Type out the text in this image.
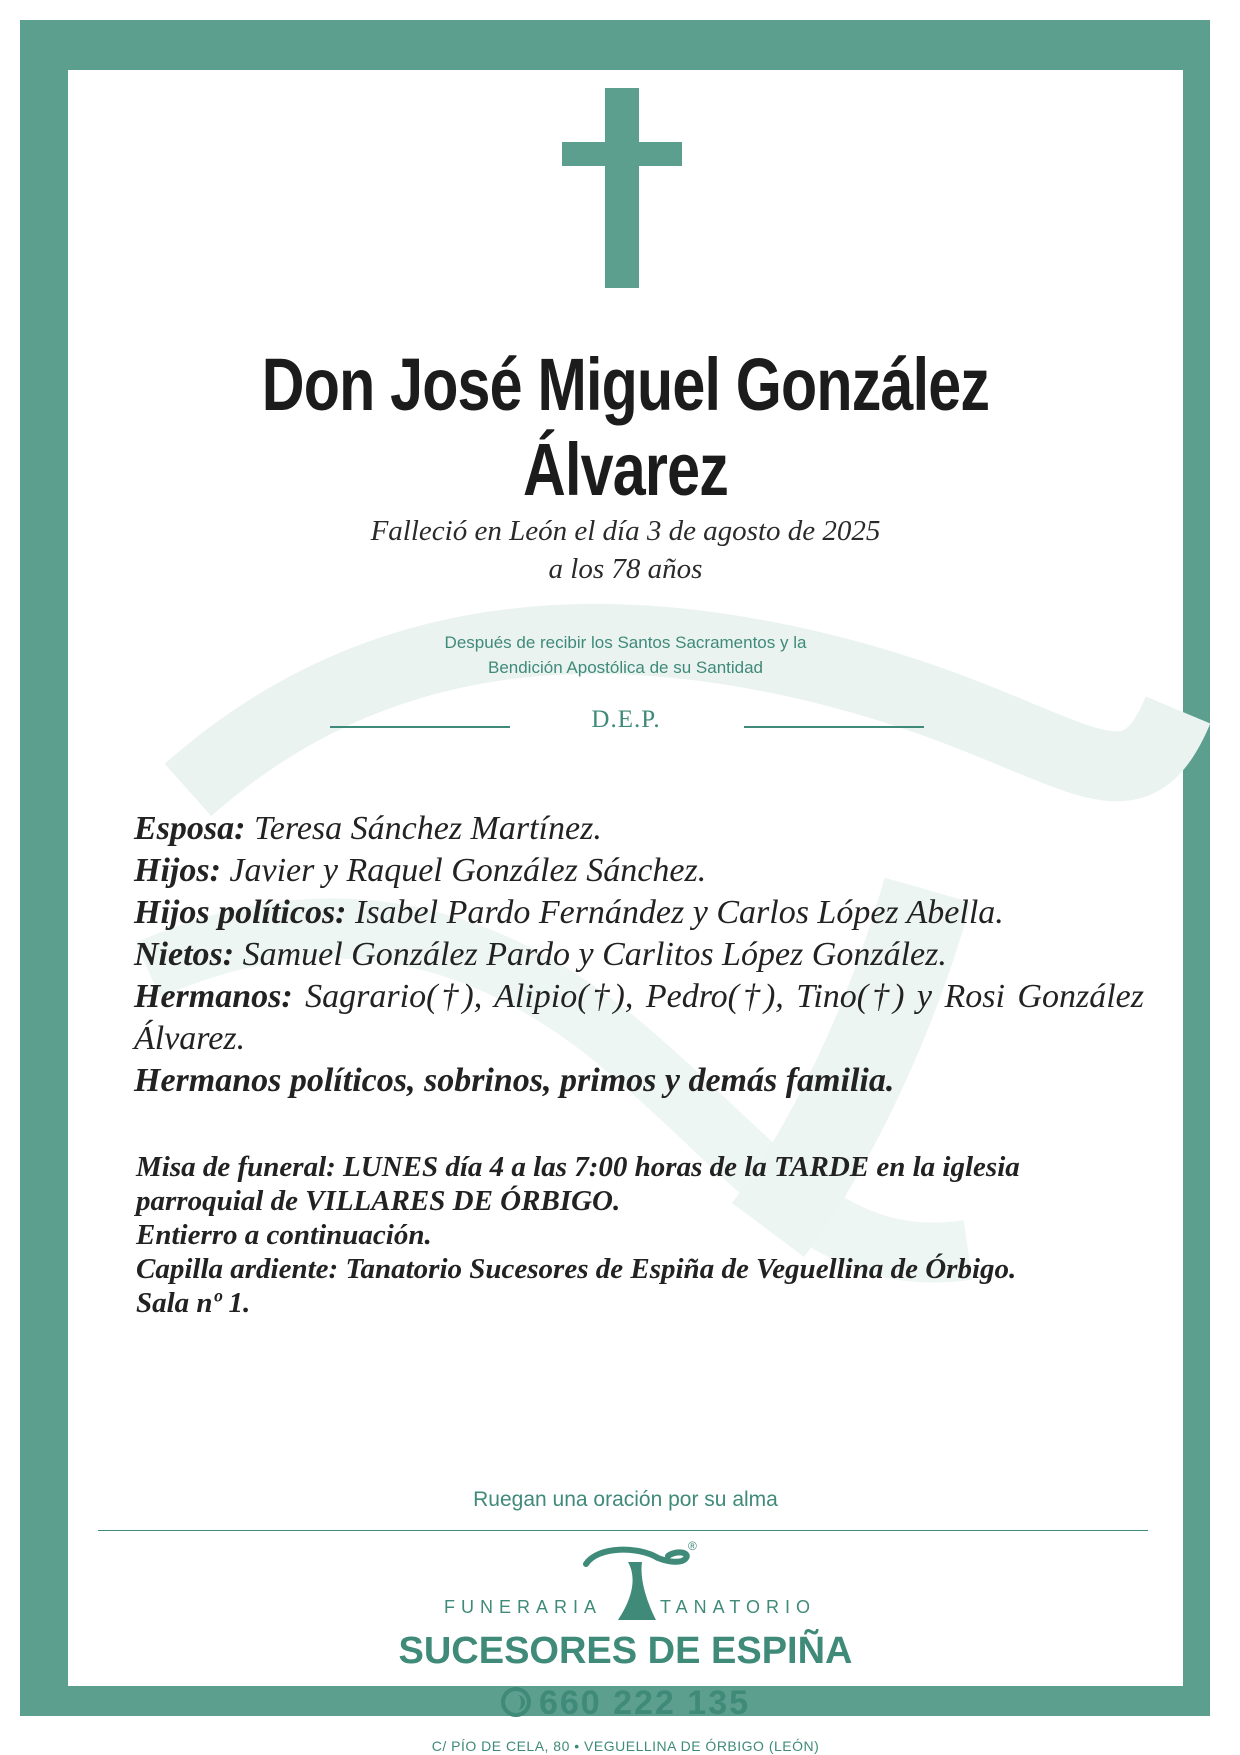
Don José Miguel González Álvarez
Falleció en León el día 3 de agosto de 2025
a los 78 años
Después de recibir los Santos Sacramentos y la
Bendición Apostólica de su Santidad
D.E.P.

Esposa: Teresa Sánchez Martínez.

Hijos: Javier y Raquel González Sánchez.

Hijos políticos: Isabel Pardo Fernández y Carlos López Abella.

Nietos: Samuel González Pardo y Carlitos López González.

Hermanos: Sagrario(†), Alipio(†), Pedro(†), Tino(†) y Rosi González Álvarez.

Hermanos políticos, sobrinos, primos y demás familia.

Misa de funeral: LUNES día 4 a las 7:00 horas de la TARDE en la iglesia parroquial de VILLARES DE ÓRBIGO.

Entierro a continuación.

Capilla ardiente: Tanatorio Sucesores de Espiña de Veguellina de Órbigo.

Sala nº 1.

Ruegan una oración por su alma
®
FUNERARIA	TANATORIO
SUCESORES DE ESPIÑA
660 222 135
C/ PÍO DE CELA, 80 • VEGUELLINA DE ÓRBIGO (LEÓN)
